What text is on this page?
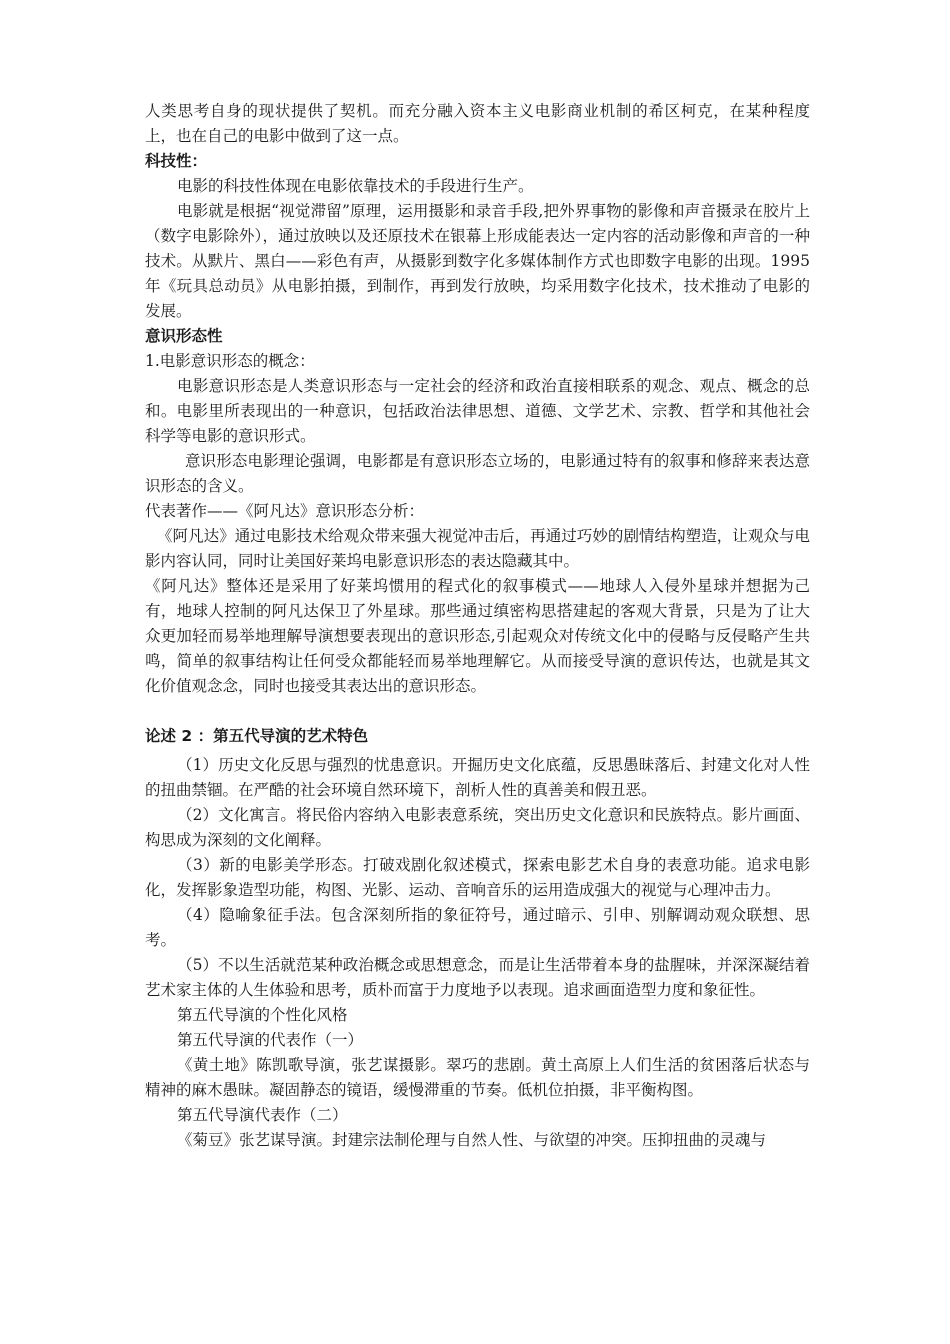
人类思考自身的现状提供了契机。而充分融入资本主义电影商业机制的希区柯克，在某种程度上，也在自己的电影中做到了这一点。

科技性：

电影的科技性体现在电影依靠技术的手段进行生产。

电影就是根据“视觉滞留”原理，运用摄影和录音手段,把外界事物的影像和声音摄录在胶片上（数字电影除外），通过放映以及还原技术在银幕上形成能表达一定内容的活动影像和声音的一种技术。从默片、黑白——彩色有声，从摄影到数字化多媒体制作方式也即数字电影的出现。1995 年《玩具总动员》从电影拍摄，到制作，再到发行放映，均采用数字化技术，技术推动了电影的发展。

意识形态性

1.电影意识形态的概念：

电影意识形态是人类意识形态与一定社会的经济和政治直接相联系的观念、观点、概念的总和。电影里所表现出的一种意识，包括政治法律思想、道德、文学艺术、宗教、哲学和其他社会科学等电影的意识形式。

意识形态电影理论强调，电影都是有意识形态立场的，电影通过特有的叙事和修辞来表达意识形态的含义。

代表著作——《阿凡达》意识形态分析：

《阿凡达》通过电影技术给观众带来强大视觉冲击后，再通过巧妙的剧情结构塑造，让观众与电影内容认同，同时让美国好莱坞电影意识形态的表达隐藏其中。

《阿凡达》整体还是采用了好莱坞惯用的程式化的叙事模式——地球人入侵外星球并想据为己有，地球人控制的阿凡达保卫了外星球。那些通过缜密构思搭建起的客观大背景，只是为了让大众更加轻而易举地理解导演想要表现出的意识形态,引起观众对传统文化中的侵略与反侵略产生共鸣，简单的叙事结构让任何受众都能轻而易举地理解它。从而接受导演的意识传达，也就是其文化价值观念念，同时也接受其表达出的意识形态。

论述 2 ：第五代导演的艺术特色

（1）历史文化反思与强烈的忧患意识。开掘历史文化底蕴，反思愚昧落后、封建文化对人性的扭曲禁锢。在严酷的社会环境自然环境下，剖析人性的真善美和假丑恶。

（2）文化寓言。将民俗内容纳入电影表意系统，突出历史文化意识和民族特点。影片画面、构思成为深刻的文化阐释。

（3）新的电影美学形态。打破戏剧化叙述模式，探索电影艺术自身的表意功能。追求电影化，发挥影象造型功能，构图、光影、运动、音响音乐的运用造成强大的视觉与心理冲击力。

（4）隐喻象征手法。包含深刻所指的象征符号，通过暗示、引申、别解调动观众联想、思考。

（5）不以生活就范某种政治概念或思想意念，而是让生活带着本身的盐腥味，并深深凝结着艺术家主体的人生体验和思考，质朴而富于力度地予以表现。追求画面造型力度和象征性。

第五代导演的个性化风格

第五代导演的代表作（一）

《黄土地》陈凯歌导演，张艺谋摄影。翠巧的悲剧。黄土高原上人们生活的贫困落后状态与精神的麻木愚昧。凝固静态的镜语，缓慢滞重的节奏。低机位拍摄，非平衡构图。

第五代导演代表作（二）

《菊豆》张艺谋导演。封建宗法制伦理与自然人性、与欲望的冲突。压抑扭曲的灵魂与
